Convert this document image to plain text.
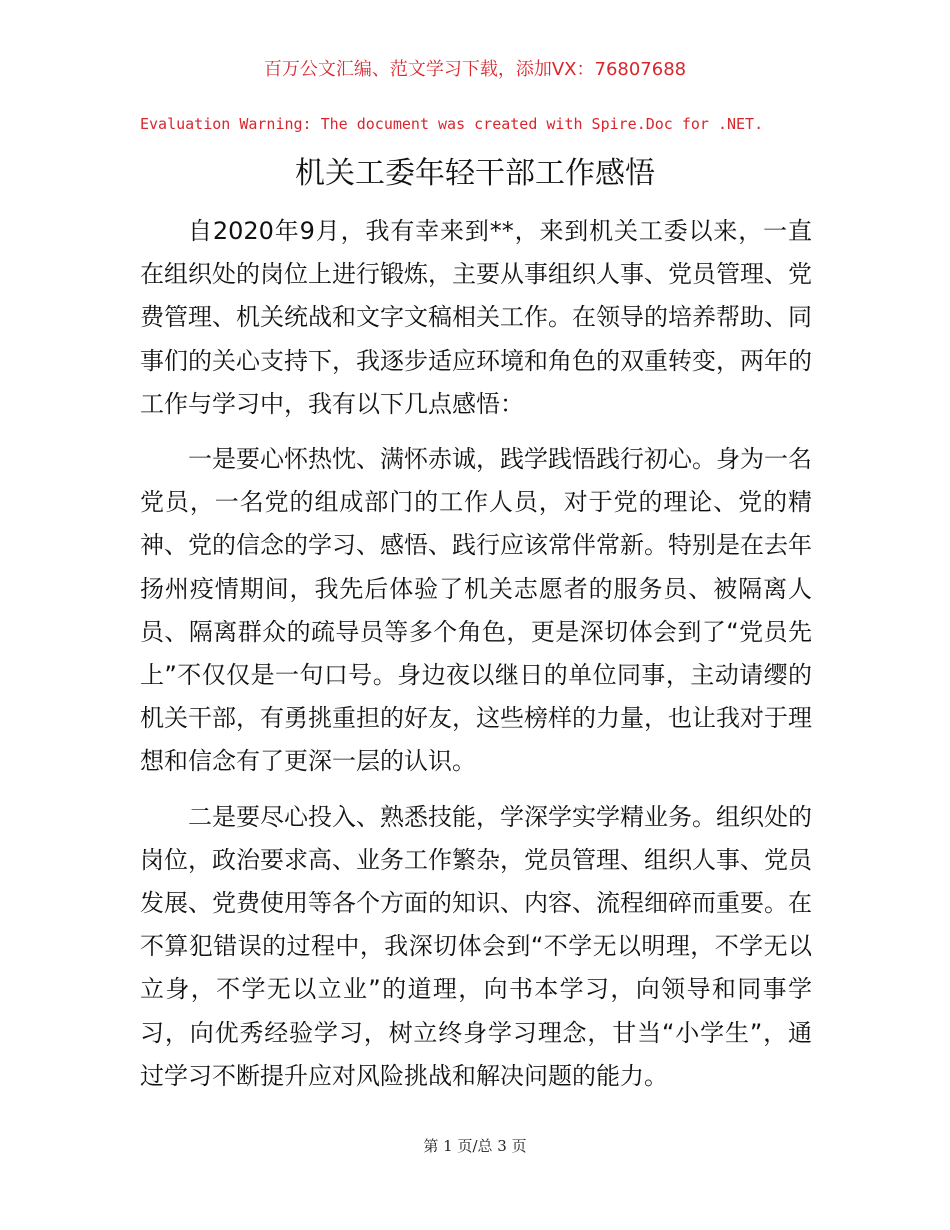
百万公文汇编、范文学习下载，添加VX：76807688
Evaluation Warning: The document was created with Spire.Doc for .NET.
机关工委年轻干部工作感悟

自2020年9月，我有幸来到**，来到机关工委以来，一直在组织处的岗位上进行锻炼，主要从事组织人事、党员管理、党费管理、机关统战和文字文稿相关工作。在领导的培养帮助、同事们的关心支持下，我逐步适应环境和角色的双重转变，两年的工作与学习中，我有以下几点感悟：

一是要心怀热忱、满怀赤诚，践学践悟践行初心。身为一名党员，一名党的组成部门的工作人员，对于党的理论、党的精神、党的信念的学习、感悟、践行应该常伴常新。特别是在去年扬州疫情期间，我先后体验了机关志愿者的服务员、被隔离人员、隔离群众的疏导员等多个角色，更是深切体会到了“党员先上”不仅仅是一句口号。身边夜以继日的单位同事，主动请缨的机关干部，有勇挑重担的好友，这些榜样的力量，也让我对于理想和信念有了更深一层的认识。

二是要尽心投入、熟悉技能，学深学实学精业务。组织处的岗位，政治要求高、业务工作繁杂，党员管理、组织人事、党员发展、党费使用等各个方面的知识、内容、流程细碎而重要。在不算犯错误的过程中，我深切体会到“不学无以明理，不学无以立身，不学无以立业”的道理，向书本学习，向领导和同事学习，向优秀经验学习，树立终身学习理念，甘当“小学生”，通过学习不断提升应对风险挑战和解决问题的能力。

第 1 页/总 3 页
